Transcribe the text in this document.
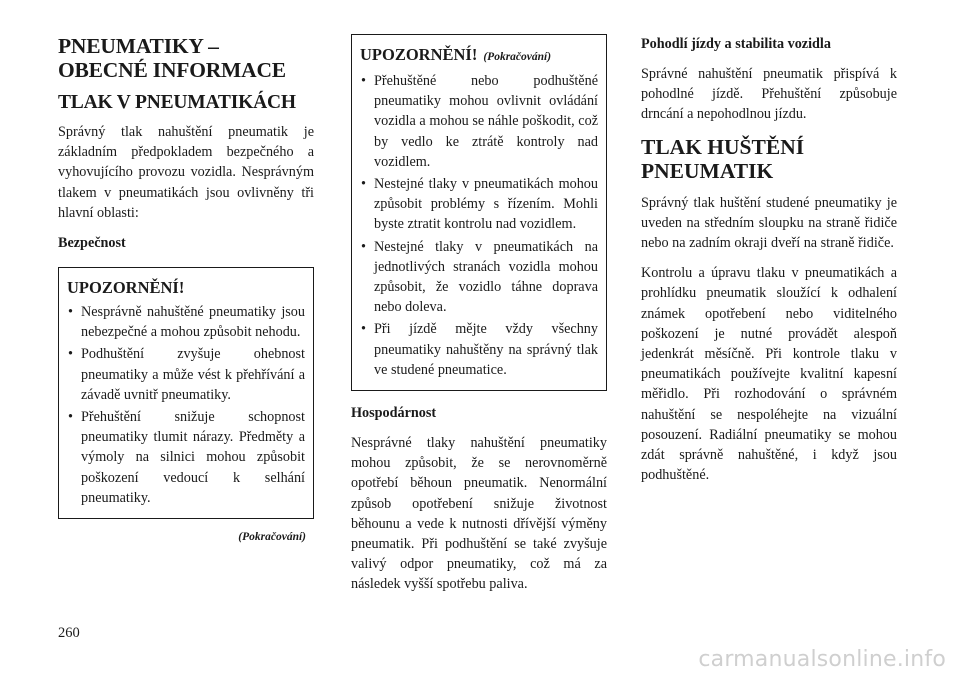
PNEUMATIKY –
OBECNÉ INFORMACE
TLAK V PNEUMATIKÁCH

Správný tlak nahuštění pneumatik je základním předpokladem bezpečného a vyhovujícího provozu vozidla. Nesprávným tlakem v pneumatikách jsou ovlivněny tři hlavní oblasti:

Bezpečnost
UPOZORNĚNÍ!
• Nesprávně nahuštěné pneumatiky jsou nebezpečné a mohou způsobit nehodu.
• Podhuštění zvyšuje ohebnost pneumatiky a může vést k přehřívání a závadě uvnitř pneumatiky.
• Přehuštění snižuje schopnost pneumatiky tlumit nárazy. Předměty a výmoly na silnici mohou způsobit poškození vedoucí k selhání pneumatiky.
(Pokračování)
UPOZORNĚNÍ! (Pokračování)
• Přehuštěné nebo podhuštěné pneumatiky mohou ovlivnit ovládání vozidla a mohou se náhle poškodit, což by vedlo ke ztrátě kontroly nad vozidlem.
• Nestejné tlaky v pneumatikách mohou způsobit problémy s řízením. Mohli byste ztratit kontrolu nad vozidlem.
• Nestejné tlaky v pneumatikách na jednotlivých stranách vozidla mohou způsobit, že vozidlo táhne doprava nebo doleva.
• Při jízdě mějte vždy všechny pneumatiky nahuštěny na správný tlak ve studené pneumatice.
Hospodárnost

Nesprávné tlaky nahuštění pneumatiky mohou způsobit, že se nerovnoměrně opotřebí běhoun pneumatik. Nenormální způsob opotřebení snižuje životnost běhounu a vede k nutnosti dřívější výměny pneumatik. Při podhuštění se také zvyšuje valivý odpor pneumatiky, což má za následek vyšší spotřebu paliva.

Pohodlí jízdy a stabilita vozidla

Správné nahuštění pneumatik přispívá k pohodlné jízdě. Přehuštění způsobuje drncání a nepohodlnou jízdu.

TLAK HUŠTĚNÍ
PNEUMATIK

Správný tlak huštění studené pneumatiky je uveden na středním sloupku na straně řidiče nebo na zadním okraji dveří na straně řidiče.

Kontrolu a úpravu tlaku v pneumatikách a prohlídku pneumatik sloužící k odhalení známek opotřebení nebo viditelného poškození je nutné provádět alespoň jedenkrát měsíčně. Při kontrole tlaku v pneumatikách používejte kvalitní kapesní měřidlo. Při rozhodování o správném nahuštění se nespoléhejte na vizuální posouzení. Radiální pneumatiky se mohou zdát správně nahuštěné, i když jsou podhuštěné.

260
carmanualsonline.info
